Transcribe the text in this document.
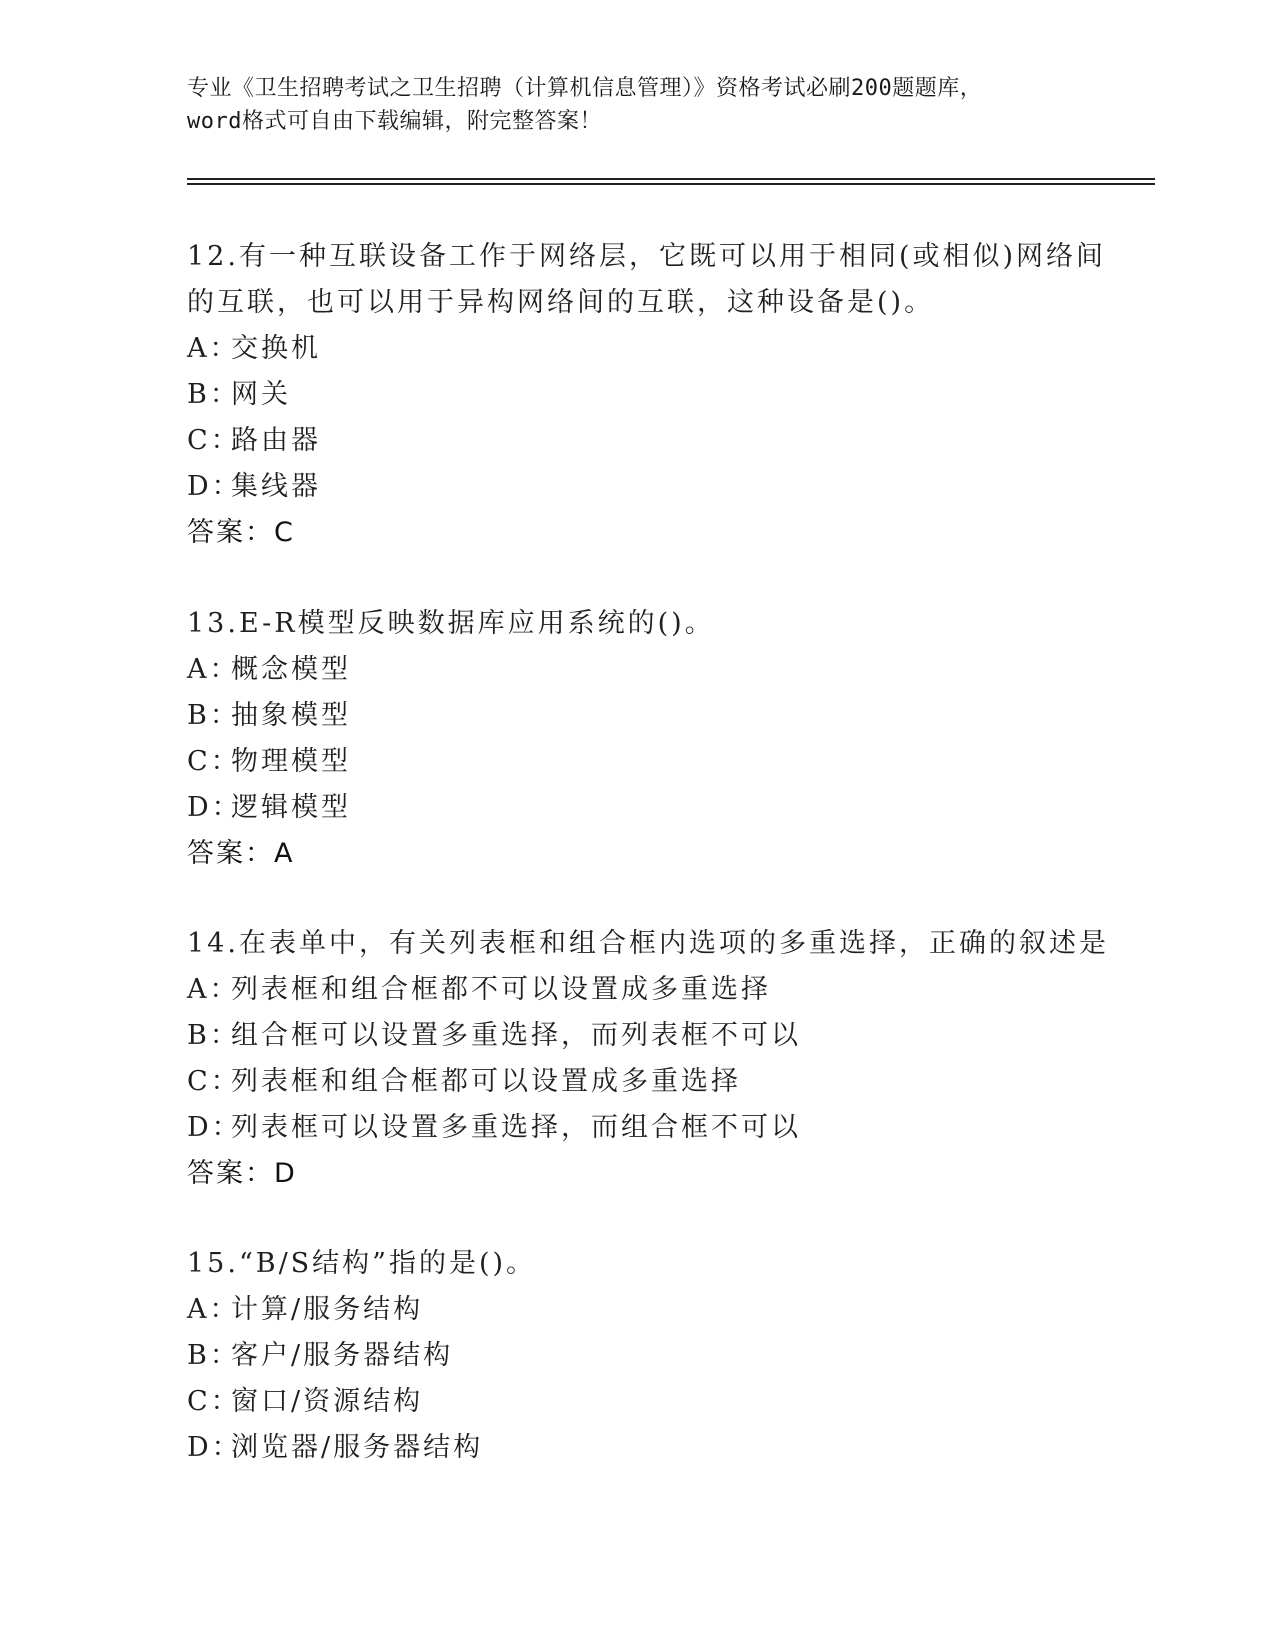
专业《卫生招聘考试之卫生招聘（计算机信息管理）》资格考试必刷200题题库，
word格式可自由下载编辑，附完整答案！
12.有一种互联设备工作于网络层，它既可以用于相同(或相似)网络间
的互联，也可以用于异构网络间的互联，这种设备是()。
A：
交换机
B：
网关
C：
路由器
D：
集线器
答案：C
13.E-R模型反映数据库应用系统的()。
A：
概念模型
B：
抽象模型
C：
物理模型
D：
逻辑模型
答案：A
14.在表单中，有关列表框和组合框内选项的多重选择，正确的叙述是
A：
列表框和组合框都不可以设置成多重选择
B：
组合框可以设置多重选择，而列表框不可以
C：
列表框和组合框都可以设置成多重选择
D：
列表框可以设置多重选择，而组合框不可以
答案：D
15.“B/S结构”指的是()。
A：
计算/服务结构
B：
客户/服务器结构
C：
窗口/资源结构
D：
浏览器/服务器结构
